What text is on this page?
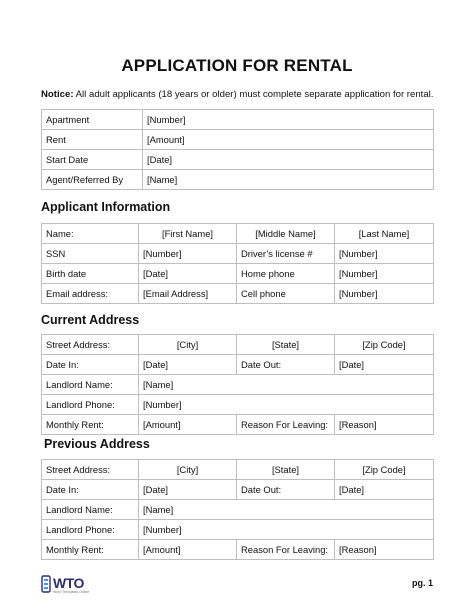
APPLICATION FOR RENTAL
Notice: All adult applicants (18 years or older) must complete separate application for rental.
Apartment	[Number]
Rent	[Amount]
Start Date	[Date]
Agent/Referred By	[Name]
Applicant Information
Name:	[First Name]	[Middle Name]	[Last Name]
SSN	[Number]	Driver’s license #	[Number]
Birth date	[Date]	Home phone	[Number]
Email address:	[Email Address]	Cell phone	[Number]
Current Address
Street Address:	[City]	[State]	[Zip Code]
Date In:	[Date]	Date Out:	[Date]
Landlord Name:	[Name]		
Landlord Phone:	[Number]		
Monthly Rent:	[Amount]	Reason For Leaving:	[Reason]
Previous Address
Street Address:	[City]	[State]	[Zip Code]
Date In:	[Date]	Date Out:	[Date]
Landlord Name:	[Name]		
Landlord Phone:	[Number]		
Monthly Rent:	[Amount]	Reason For Leaving:	[Reason]
WTO
Word Templates Online
pg. 1
